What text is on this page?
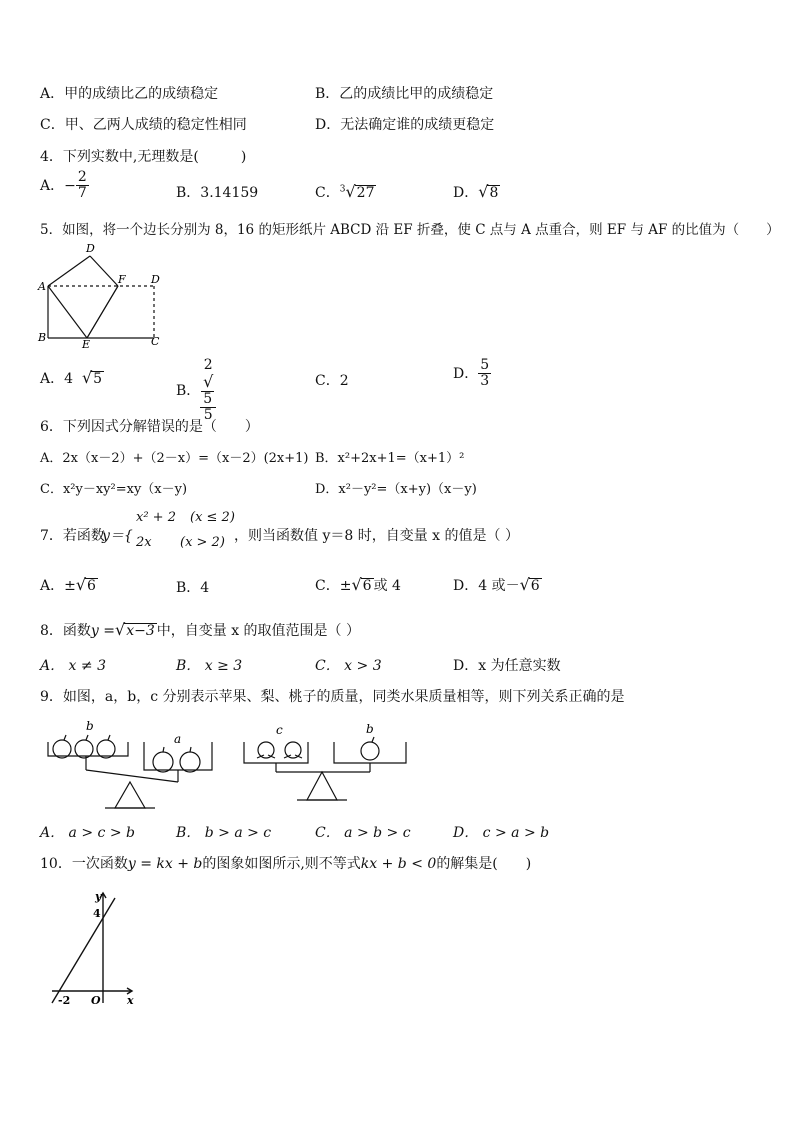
A．甲的成绩比乙的成绩稳定	B．乙的成绩比甲的成绩稳定
C．甲、乙两人成绩的稳定性相同	D．无法确定谁的成绩更稳定
4．下列实数中,无理数是(　　　)
A．− $\frac{2}{7}$	B．3.14159	C．$^3$√27	D．√8
5．如图，将一个边长分别为 8，16 的矩形纸片 ABCD 沿 EF 折叠，使 C 点与 A 点重合，则 EF 与 AF 的比值为（　　）
D
A
F D
B
E	C
A．4 √5
B． 2
√
5
5	C．2	D． $\frac{5}{3}$
6．下列因式分解错误的是（　　）
A．2x（x－2）+（2－x）=（x－2）(2x+1) B．x²+2x+1=（x+1）²
C．x²y－xy²=xy（x－y)	D．x²－y²=（x+y)（x－y)
7．若函数
y＝{
x² + 2 (x ≤ 2)
2x (x > 2) ，则当函数值 y＝8 时，自变量 x 的值是（ ）
A．±√6	B．4	C．±√6 或 4	D．4 或－√6
8．函数y =√x−3 中，自变量 x 的取值范围是（ ）
A． x ≠ 3	B． x ≥ 3	C． x > 3	D．x 为任意实数
9．如图，a，b，c 分别表示苹果、梨、桃子的质量，同类水果质量相等，则下列关系正确的是
b
a
c	b
A． a > c > b	B． b > a > c	C． a > b > c	D． c > a > b
10．一次函数y = kx + b的图象如图所示,则不等式kx + b < 0的解集是(　　)
y
4
-2 O x
